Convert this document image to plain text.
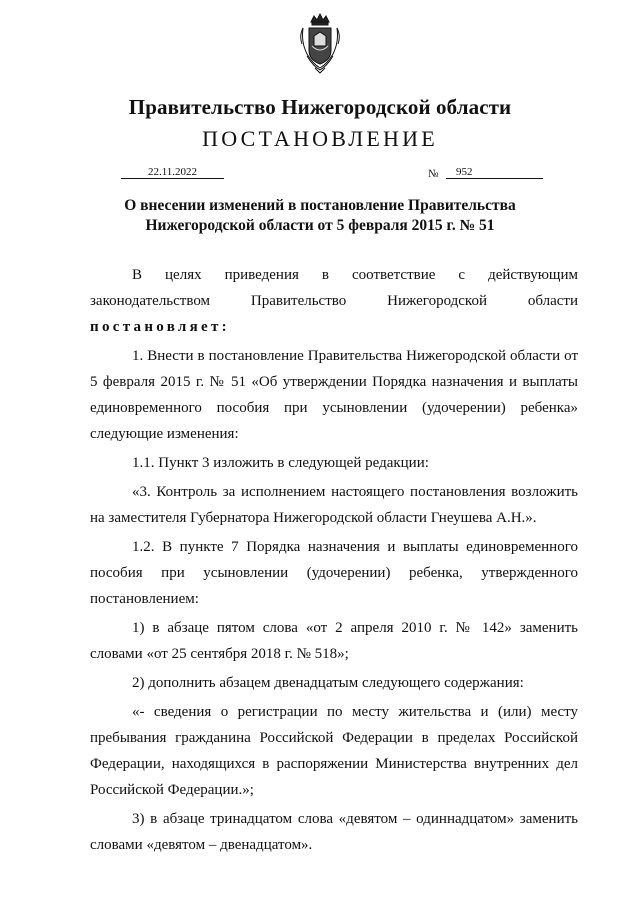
Правительство Нижегородской области
ПОСТАНОВЛЕНИЕ
22.11.2022	№	952
О внесении изменений в постановление Правительства
Нижегородской области от 5 февраля 2015 г. № 51

В целях приведения в соответствие с действующим

законодательством Правительство Нижегородской области

постановляет:

1. Внести в постановление Правительства Нижегородской области от 5 февраля 2015 г. № 51 «Об утверждении Порядка назначения и выплаты единовременного пособия при усыновлении (удочерении) ребенка» следующие изменения:

1.1. Пункт 3 изложить в следующей редакции:

«3. Контроль за исполнением настоящего постановления возложить на заместителя Губернатора Нижегородской области Гнеушева А.Н.».

1.2. В пункте 7 Порядка назначения и выплаты единовременного пособия при усыновлении (удочерении) ребенка, утвержденного постановлением:

1) в абзаце пятом слова «от 2 апреля 2010 г. № 142» заменить словами «от 25 сентября 2018 г. № 518»;

2) дополнить абзацем двенадцатым следующего содержания:

«- сведения о регистрации по месту жительства и (или) месту пребывания гражданина Российской Федерации в пределах Российской Федерации, находящихся в распоряжении Министерства внутренних дел Российской Федерации.»;

3) в абзаце тринадцатом слова «девятом – одиннадцатом» заменить словами «девятом – двенадцатом».
